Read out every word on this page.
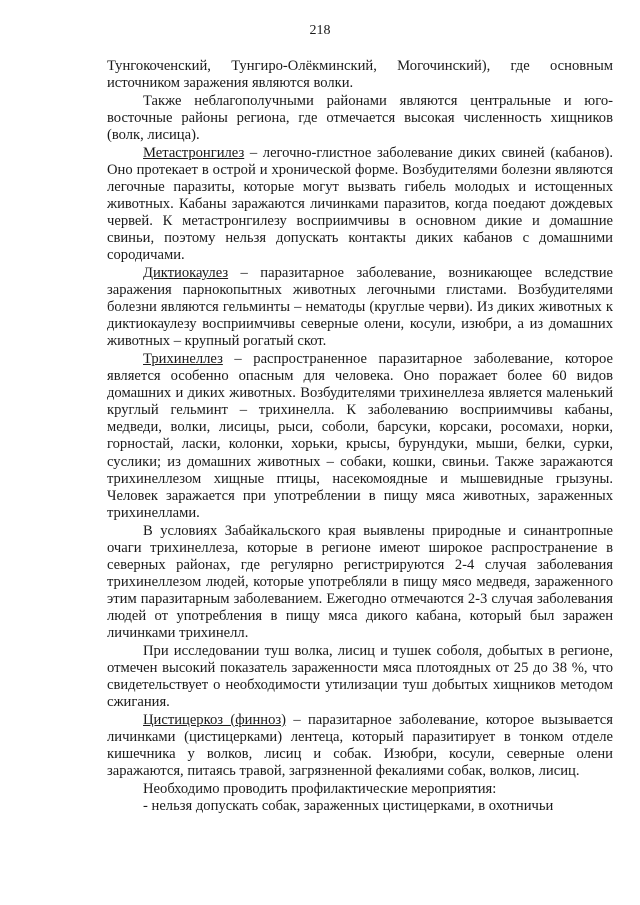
218

Тунгокоченский, Тунгиро-Олёкминский, Могочинский), где основным источником заражения являются волки.

Также неблагополучными районами являются центральные и юго-восточные районы региона, где отмечается высокая численность хищников (волк, лисица).

Метастронгилез – легочно-глистное заболевание диких свиней (кабанов). Оно протекает в острой и хронической форме. Возбудителями болезни являются легочные паразиты, которые могут вызвать гибель молодых и истощенных животных. Кабаны заражаются личинками паразитов, когда поедают дождевых червей. К метастронгилезу восприимчивы в основном дикие и домашние свиньи, поэтому нельзя допускать контакты диких кабанов с домашними сородичами.

Диктиокаулез – паразитарное заболевание, возникающее вследствие заражения парнокопытных животных легочными глистами. Возбудителями болезни являются гельминты – нематоды (круглые черви). Из диких животных к диктиокаулезу восприимчивы северные олени, косули, изюбри, а из домашних животных – крупный рогатый скот.

Трихинеллез – распространенное паразитарное заболевание, которое является особенно опасным для человека. Оно поражает более 60 видов домашних и диких животных. Возбудителями трихинеллеза является маленький круглый гельминт – трихинелла. К заболеванию восприимчивы кабаны, медведи, волки, лисицы, рыси, соболи, барсуки, корсаки, росомахи, норки, горностай, ласки, колонки, хорьки, крысы, бурундуки, мыши, белки, сурки, суслики; из домашних животных – собаки, кошки, свиньи. Также заражаются трихинеллезом хищные птицы, насекомоядные и мышевидные грызуны. Человек заражается при употреблении в пищу мяса животных, зараженных трихинеллами.

В условиях Забайкальского края выявлены природные и синантропные очаги трихинеллеза, которые в регионе имеют широкое распространение в северных районах, где регулярно регистрируются 2-4 случая заболевания трихинеллезом людей, которые употребляли в пищу мясо медведя, зараженного этим паразитарным заболеванием. Ежегодно отмечаются 2-3 случая заболевания людей от употребления в пищу мяса дикого кабана, который был заражен личинками трихинелл.

При исследовании туш волка, лисиц и тушек соболя, добытых в регионе, отмечен высокий показатель зараженности мяса плотоядных от 25 до 38 %, что свидетельствует о необходимости утилизации туш добытых хищников методом сжигания.

Цистицеркоз (финноз) – паразитарное заболевание, которое вызывается личинками (цистицерками) лентеца, который паразитирует в тонком отделе кишечника у волков, лисиц и собак. Изюбри, косули, северные олени заражаются, питаясь травой, загрязненной фекалиями собак, волков, лисиц.

Необходимо проводить профилактические мероприятия:

- нельзя допускать собак, зараженных цистицерками, в охотничьи
